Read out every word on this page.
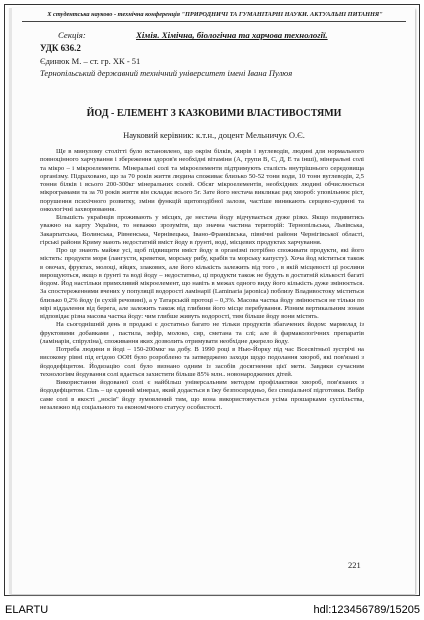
Х студентська науково - технічна конференція "ПРИРОДНИЧІ ТА ГУМАНІТАРНІ НАУКИ. АКТУАЛЬНІ ПИТАННЯ"
Секція:	Хімія. Хімічна, біологічна та харчова технології.
УДК 636.2
Єдинюк М. – ст. гр. ХК - 51
Тернопільський державний технічний університет імені Івана Пулюя
ЙОД - ЕЛЕМЕНТ З КАЗКОВИМИ ВЛАСТИВОСТЯМИ
Науковий керівник: к.т.н., доцент Мельничук О.Є.

Ще в минулому столітті було встановлено, що окрім білків, жирів і вуглеводів, людині для нормального повноцінного харчування і збереження здоров'я необхідні вітаміни (А, групи В, С, Д, Е та інші), мінеральні солі та мікро – і мікроелементи. Мінеральні солі та мікроелементи підтримують сталість внутрішнього середовища організму. Підраховано, що за 70 років життя людина споживає близько 50-52 тони води, 10 тонн вуглеводів, 2,5 тонни білків і всього 200-300кг мінеральних солей. Обсяг мікроелементів, необхідних людині обчислюється мікрограмами та за 70 років життя він складає всього 5г. Зате його нестача викликає ряд хвороб: уповільнює ріст, порушення психічного розвитку, зміни функцій щитоподібної залози, частіше виникають серцево-судинні та онкологічні захворювання.

Більшість українців проживають у місцях, де нестача йоду відчувається дуже різко. Якщо подивитись уважно на карту України, то неважко зрозуміти, що значна частина територій: Тернопільська, Львівська, Закарпатська, Волинська, Рівненська, Чернівецька, Івано-Франківська, північні райони Чернігівської області, гірські райони Криму мають недостатній вміст йоду в ґрунті, воді, місцевих продуктах харчування.

Про це знають майже усі, щоб підвищити вміст йоду в організмі потрібно споживати продукти, які його містять: продукти моря (лангусти, креветки, морську рибу, крабів та морську капусту). Хоча йод міститься також в овочах, фруктах, молоці, яйцях, злакових, але його кількість залежить від того , в якій місцевості ці рослини вирощуються, якщо в ґрунті та воді йоду – недостатньо, ці продукти також не будуть в достатній кількості багаті йодом. Йод настільки примхливий мікроелемент, що навіть в межах одного виду його кількість дуже змінюється. За спостереженнями вчених у популяції водорості ламінарії (Laminaria japonica) поблизу Владивостоку міститься близько 0,2% йоду (в сухій речовині), а у Татарській протоці – 0,3%. Масова частка йоду змінюється не тільки по мірі віддалення від берега, але залежить також від глибини його місце перебування. Різним вертикальним зонам відповідає різна масова частка йоду: чим глибше живуть водорості, тим більше йоду вони містять.

На сьогоднішній день в продажі є достатньо багато не тільки продуктів збагачених йодом: мармелад із фруктовими добавками , пастила, зефір, молоко, сир, сметана та слі; але й фармакологічних препаратів (ламінарія, спіруліна), споживання яких дозволить отримувати необхідне джерело йоду.

Потреба людини в йоді – 150-200мкг на добу. В 1990 році в Нью-Йорку під час Всесвітньої зустрічі на високому рівні під егідою ООН було розроблено та затверджено заходи щодо подолання хвороб, які пов'язані з йододефіцитом. Йодизацію солі було визнано одним із засобів досягнення цієї мети. Завдяки сучасним технологіям йодування солі вдається захистити більше 85% млн.. новонароджених дітей.

Використання йодованої солі є найбільш універсальним методом профілактики хвороб, пов'язаних з йододефіцитом. Сіль – це єдиний мінерал, який додається в їжу безпосередньо, без спеціальної підготовки. Вибір саме солі в якості „носія" йоду зумовлений тим, що вона використовується усіма прошарками суспільства, незалежно від соціального та економічного статусу особистості.

221
ELARTU	hdl:123456789/15205
